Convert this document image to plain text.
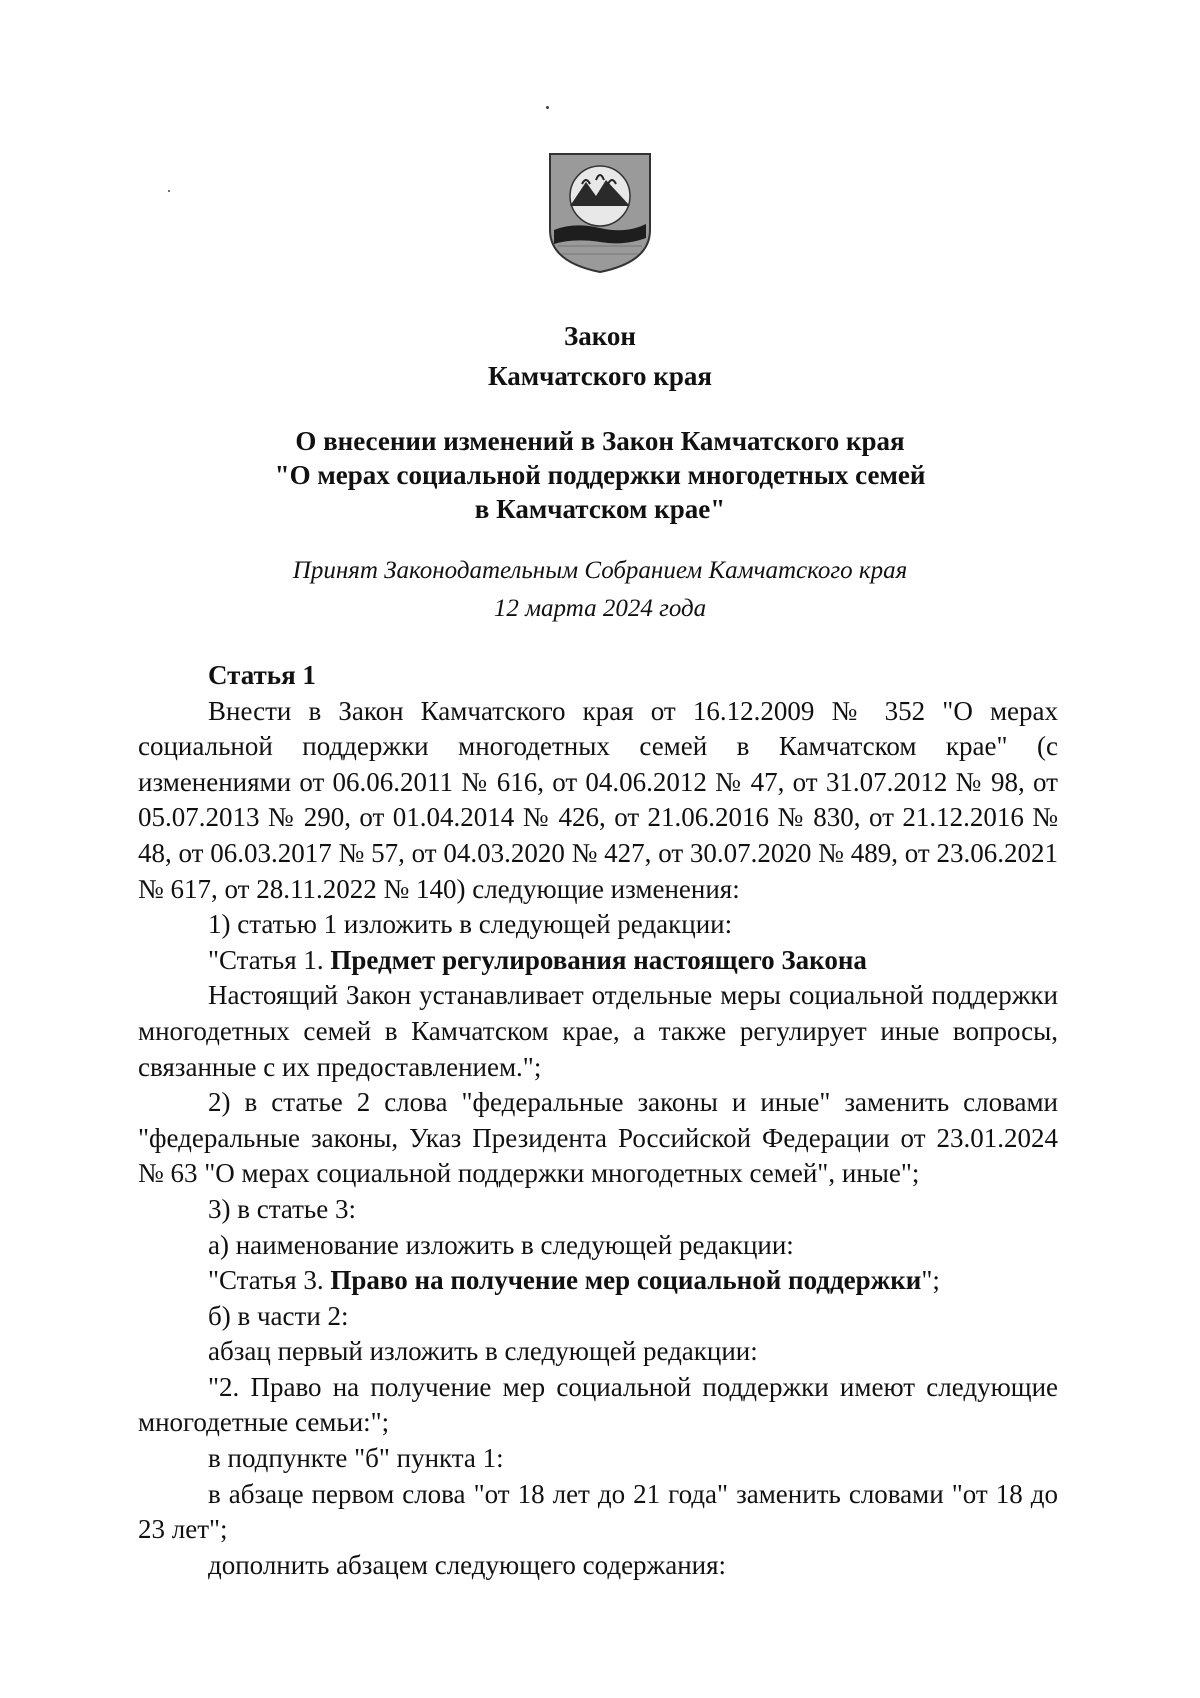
Закон
Камчатского края
О внесении изменений в Закон Камчатского края
"О мерах социальной поддержки многодетных семей
в Камчатском крае"
Принят Законодательным Собранием Камчатского края
12 марта 2024 года

Статья 1

Внести в Закон Камчатского края от 16.12.2009 № 352 "О мерах социальной поддержки многодетных семей в Камчатском крае" (с изменениями от 06.06.2011 № 616, от 04.06.2012 № 47, от 31.07.2012 № 98, от 05.07.2013 № 290, от 01.04.2014 № 426, от 21.06.2016 № 830, от 21.12.2016 № 48, от 06.03.2017 № 57, от 04.03.2020 № 427, от 30.07.2020 № 489, от 23.06.2021 № 617, от 28.11.2022 № 140) следующие изменения:

1) статью 1 изложить в следующей редакции:

"Статья 1. Предмет регулирования настоящего Закона

Настоящий Закон устанавливает отдельные меры социальной поддержки многодетных семей в Камчатском крае, а также регулирует иные вопросы, связанные с их предоставлением.";

2) в статье 2 слова "федеральные законы и иные" заменить словами "федеральные законы, Указ Президента Российской Федерации от 23.01.2024 № 63 "О мерах социальной поддержки многодетных семей", иные";

3) в статье 3:

а) наименование изложить в следующей редакции:

"Статья 3. Право на получение мер социальной поддержки";

б) в части 2:

абзац первый изложить в следующей редакции:

"2. Право на получение мер социальной поддержки имеют следующие многодетные семьи:";

в подпункте "б" пункта 1:

в абзаце первом слова "от 18 лет до 21 года" заменить словами "от 18 до 23 лет";

дополнить абзацем следующего содержания:
